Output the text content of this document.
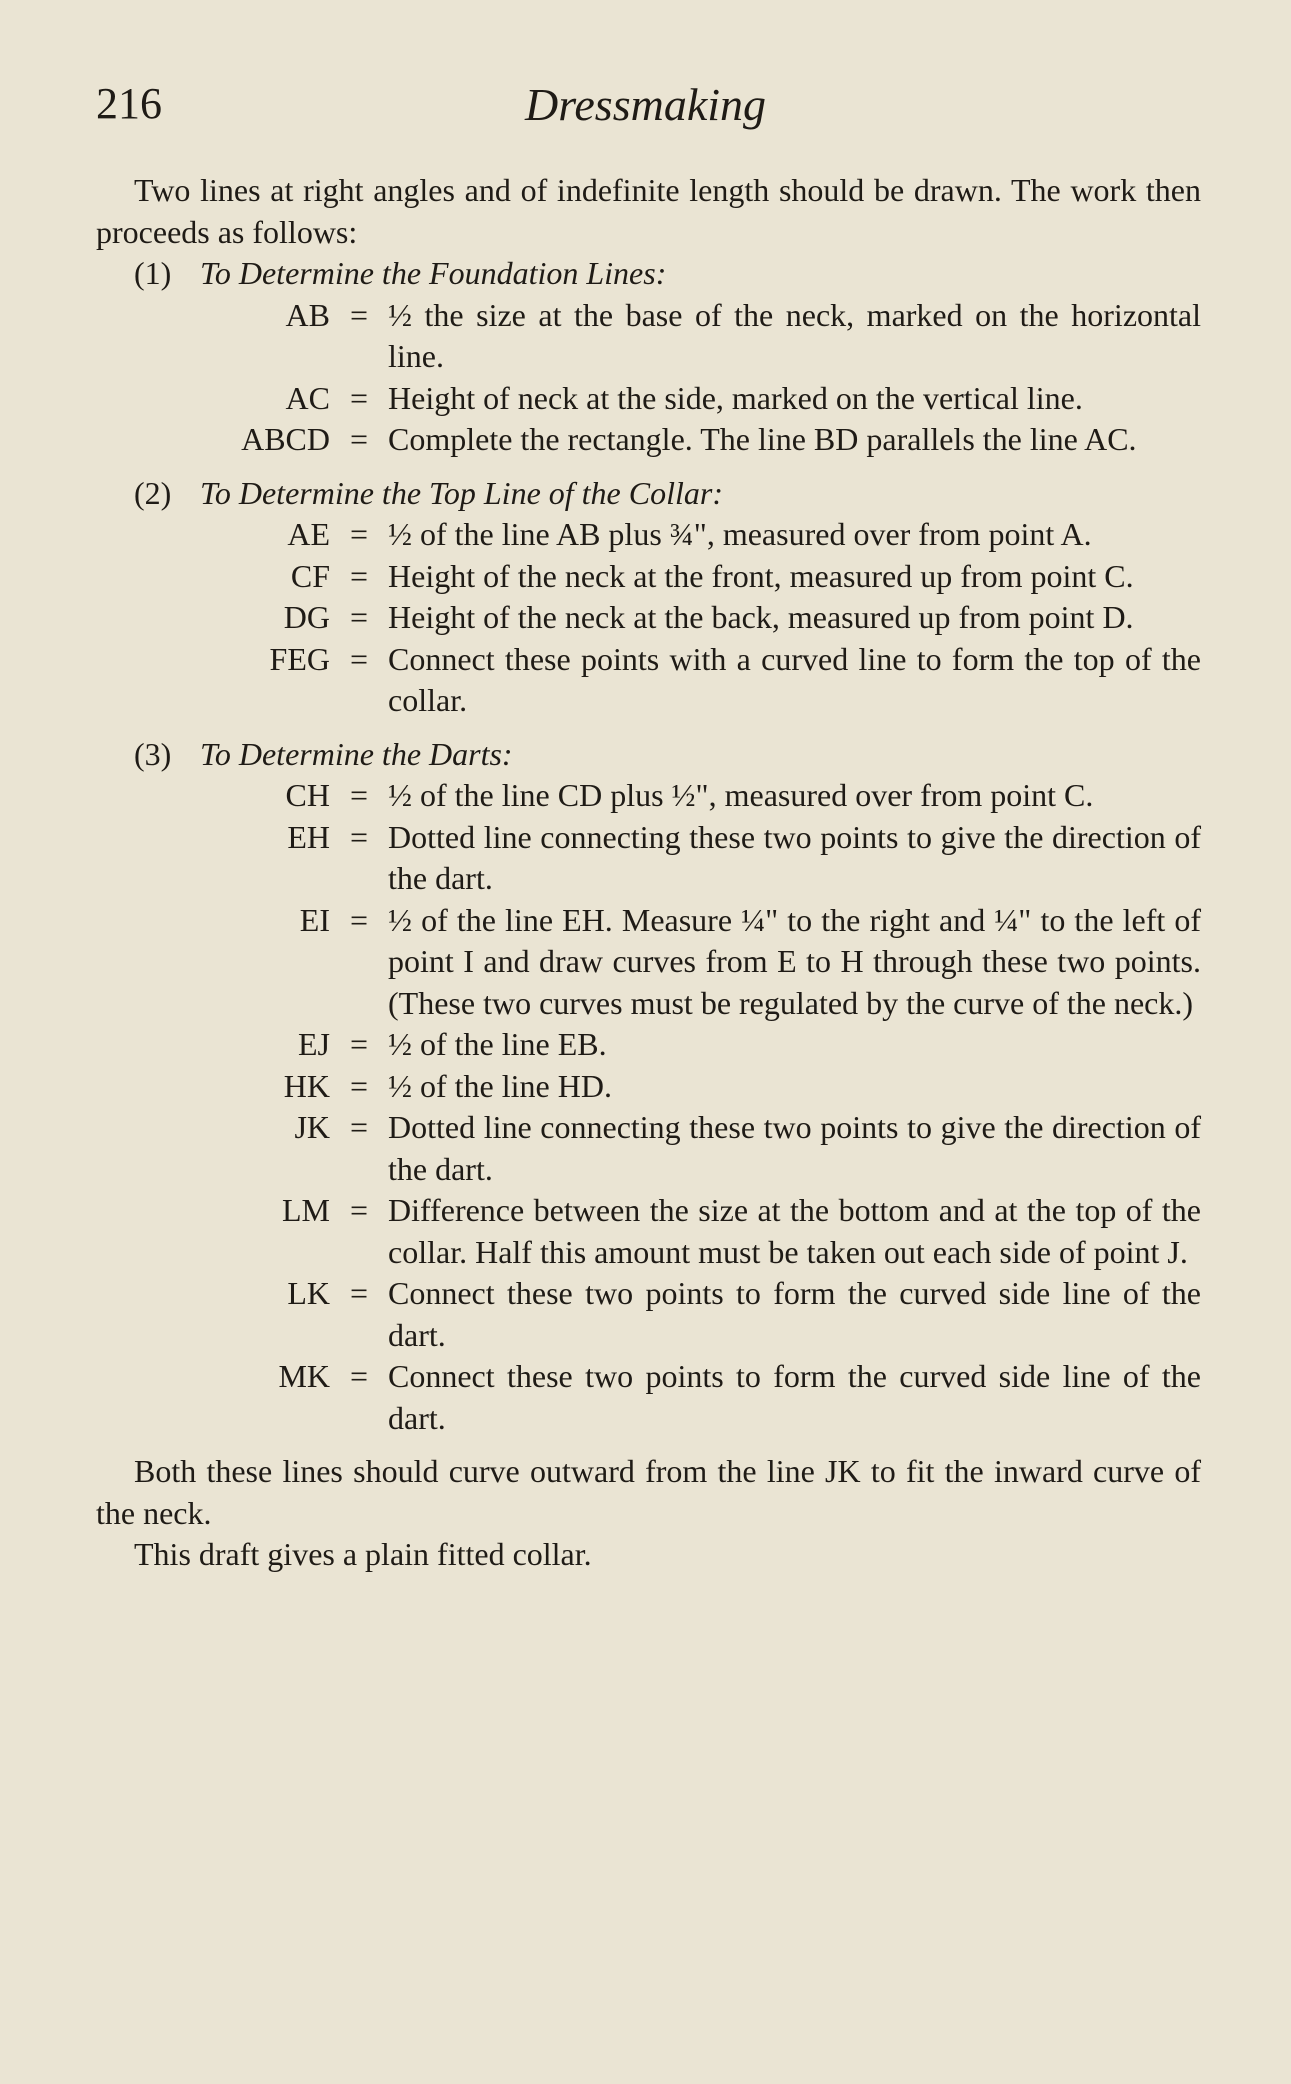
216	Dressmaking

Two lines at right angles and of indefinite length should be drawn. The work then proceeds as follows:

(1) To Determine the Foundation Lines:
AB = ½ the size at the base of the neck, marked on the horizontal line.
AC = Height of neck at the side, marked on the vertical line.
ABCD = Complete the rectangle. The line BD parallels the line AC.
(2) To Determine the Top Line of the Collar:
AE = ½ of the line AB plus ¾", measured over from point A.
CF = Height of the neck at the front, measured up from point C.
DG = Height of the neck at the back, measured up from point D.
FEG = Connect these points with a curved line to form the top of the collar.
(3) To Determine the Darts:
CH = ½ of the line CD plus ½", measured over from point C.
EH = Dotted line connecting these two points to give the direction of the dart.
EI = ½ of the line EH. Measure ¼" to the right and ¼" to the left of point I and draw curves from E to H through these two points. (These two curves must be regulated by the curve of the neck.)
EJ = ½ of the line EB.
HK = ½ of the line HD.
JK = Dotted line connecting these two points to give the direction of the dart.
LM = Difference between the size at the bottom and at the top of the collar. Half this amount must be taken out each side of point J.
LK = Connect these two points to form the curved side line of the dart.
MK = Connect these two points to form the curved side line of the dart.

Both these lines should curve outward from the line JK to fit the inward curve of the neck.

This draft gives a plain fitted collar.
